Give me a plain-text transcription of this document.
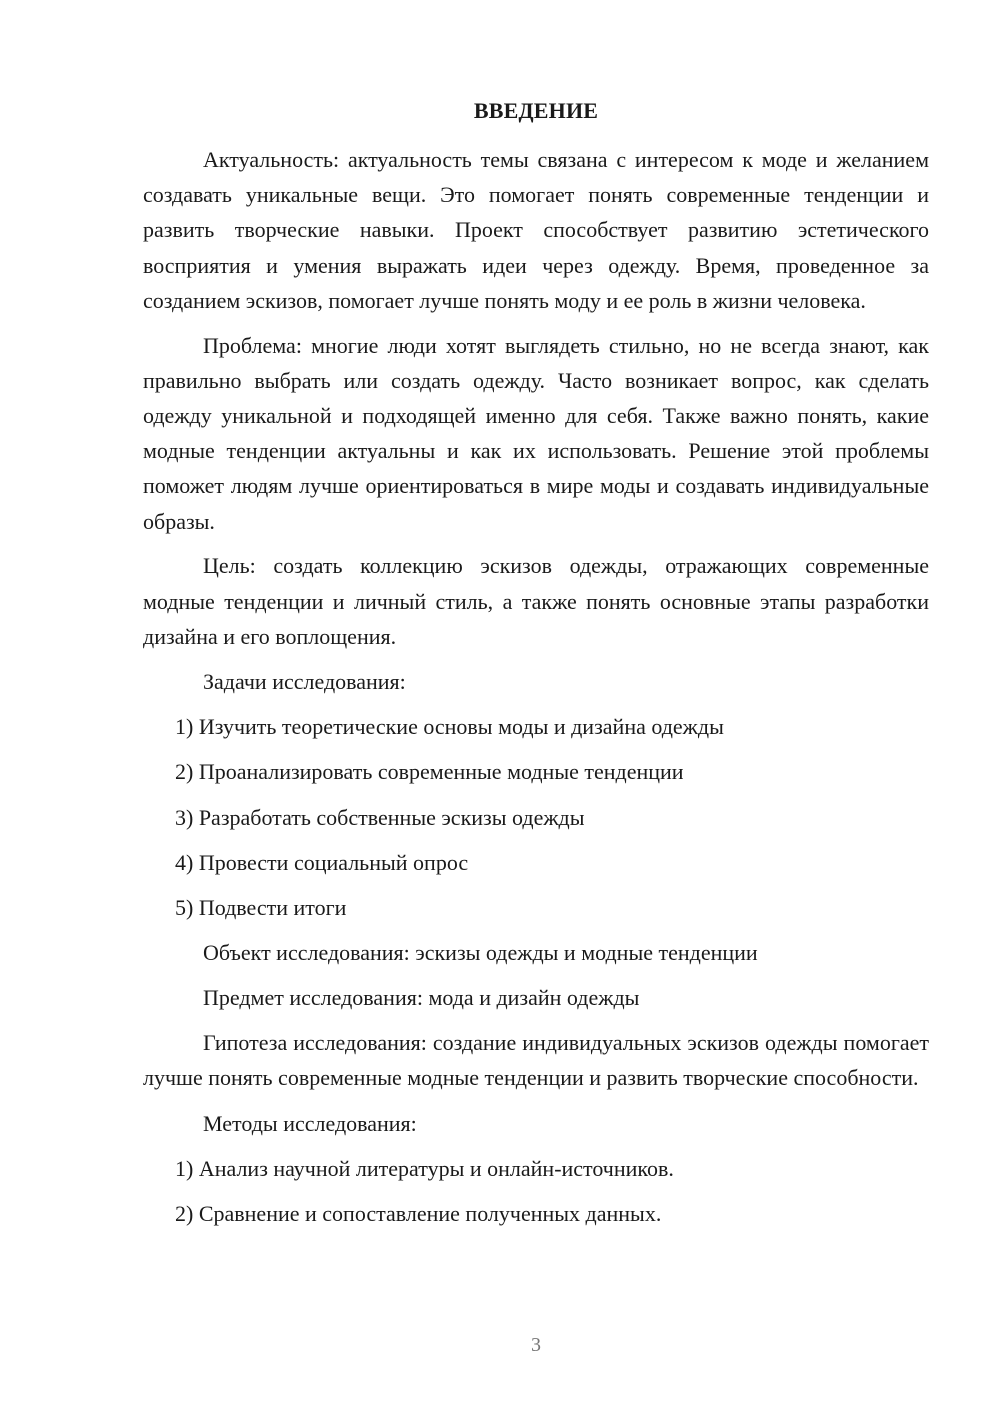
ВВЕДЕНИЕ

Актуальность: актуальность темы связана с интересом к моде и желанием создавать уникальные вещи. Это помогает понять современные тенденции и развить творческие навыки. Проект способствует развитию эстетического восприятия и умения выражать идеи через одежду. Время, проведенное за созданием эскизов, помогает лучше понять моду и ее роль в жизни человека.

Проблема: многие люди хотят выглядеть стильно, но не всегда знают, как правильно выбрать или создать одежду. Часто возникает вопрос, как сделать одежду уникальной и подходящей именно для себя. Также важно понять, какие модные тенденции актуальны и как их использовать. Решение этой проблемы поможет людям лучше ориентироваться в мире моды и создавать индивидуальные образы.

Цель: создать коллекцию эскизов одежды, отражающих современные модные тенденции и личный стиль, а также понять основные этапы разработки дизайна и его воплощения.

Задачи исследования:

1) Изучить теоретические основы моды и дизайна одежды

2) Проанализировать современные модные тенденции

3) Разработать собственные эскизы одежды

4) Провести социальный опрос

5) Подвести итоги

Объект исследования: эскизы одежды и модные тенденции

Предмет исследования: мода и дизайн одежды

Гипотеза исследования: создание индивидуальных эскизов одежды помогает лучше понять современные модные тенденции и развить творческие способности.

Методы исследования:

1) Анализ научной литературы и онлайн-источников.

2) Сравнение и сопоставление полученных данных.

3
